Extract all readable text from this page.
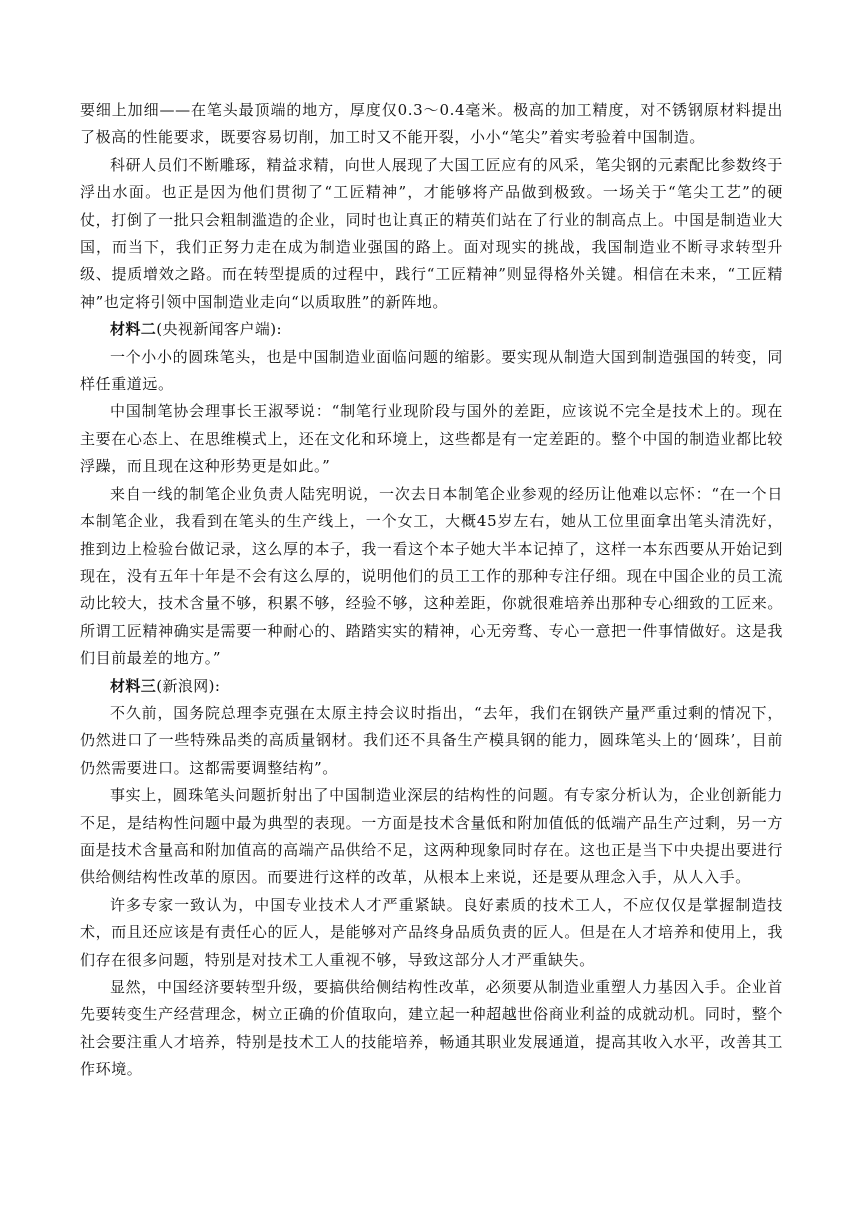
要细上加细——在笔头最顶端的地方，厚度仅0.3～0.4毫米。极高的加工精度，对不锈钢原材料提出了极高的性能要求，既要容易切削，加工时又不能开裂，小小“笔尖”着实考验着中国制造。

科研人员们不断雕琢，精益求精，向世人展现了大国工匠应有的风采，笔尖钢的元素配比参数终于浮出水面。也正是因为他们贯彻了“工匠精神”，才能够将产品做到极致。一场关于“笔尖工艺”的硬仗，打倒了一批只会粗制滥造的企业，同时也让真正的精英们站在了行业的制高点上。中国是制造业大国，而当下，我们正努力走在成为制造业强国的路上。面对现实的挑战，我国制造业不断寻求转型升级、提质增效之路。而在转型提质的过程中，践行“工匠精神”则显得格外关键。相信在未来，“工匠精神”也定将引领中国制造业走向“以质取胜”的新阵地。

材料二(央视新闻客户端):

一个小小的圆珠笔头，也是中国制造业面临问题的缩影。要实现从制造大国到制造强国的转变，同样任重道远。

中国制笔协会理事长王淑琴说：“制笔行业现阶段与国外的差距，应该说不完全是技术上的。现在主要在心态上、在思维模式上，还在文化和环境上，这些都是有一定差距的。整个中国的制造业都比较浮躁，而且现在这种形势更是如此。”

来自一线的制笔企业负责人陆宪明说，一次去日本制笔企业参观的经历让他难以忘怀：“在一个日本制笔企业，我看到在笔头的生产线上，一个女工，大概45岁左右，她从工位里面拿出笔头清洗好，推到边上检验台做记录，这么厚的本子，我一看这个本子她大半本记掉了，这样一本东西要从开始记到现在，没有五年十年是不会有这么厚的，说明他们的员工工作的那种专注仔细。现在中国企业的员工流动比较大，技术含量不够，积累不够，经验不够，这种差距，你就很难培养出那种专心细致的工匠来。所谓工匠精神确实是需要一种耐心的、踏踏实实的精神，心无旁骛、专心一意把一件事情做好。这是我们目前最差的地方。”

材料三(新浪网):

不久前，国务院总理李克强在太原主持会议时指出，“去年，我们在钢铁产量严重过剩的情况下，仍然进口了一些特殊品类的高质量钢材。我们还不具备生产模具钢的能力，圆珠笔头上的‘圆珠’，目前仍然需要进口。这都需要调整结构”。

事实上，圆珠笔头问题折射出了中国制造业深层的结构性的问题。有专家分析认为，企业创新能力不足，是结构性问题中最为典型的表现。一方面是技术含量低和附加值低的低端产品生产过剩，另一方面是技术含量高和附加值高的高端产品供给不足，这两种现象同时存在。这也正是当下中央提出要进行供给侧结构性改革的原因。而要进行这样的改革，从根本上来说，还是要从理念入手，从人入手。

许多专家一致认为，中国专业技术人才严重紧缺。良好素质的技术工人，不应仅仅是掌握制造技术，而且还应该是有责任心的匠人，是能够对产品终身品质负责的匠人。但是在人才培养和使用上，我们存在很多问题，特别是对技术工人重视不够，导致这部分人才严重缺失。

显然，中国经济要转型升级，要搞供给侧结构性改革，必须要从制造业重塑人力基因入手。企业首先要转变生产经营理念，树立正确的价值取向，建立起一种超越世俗商业利益的成就动机。同时，整个社会要注重人才培养，特别是技术工人的技能培养，畅通其职业发展通道，提高其收入水平，改善其工作环境。
